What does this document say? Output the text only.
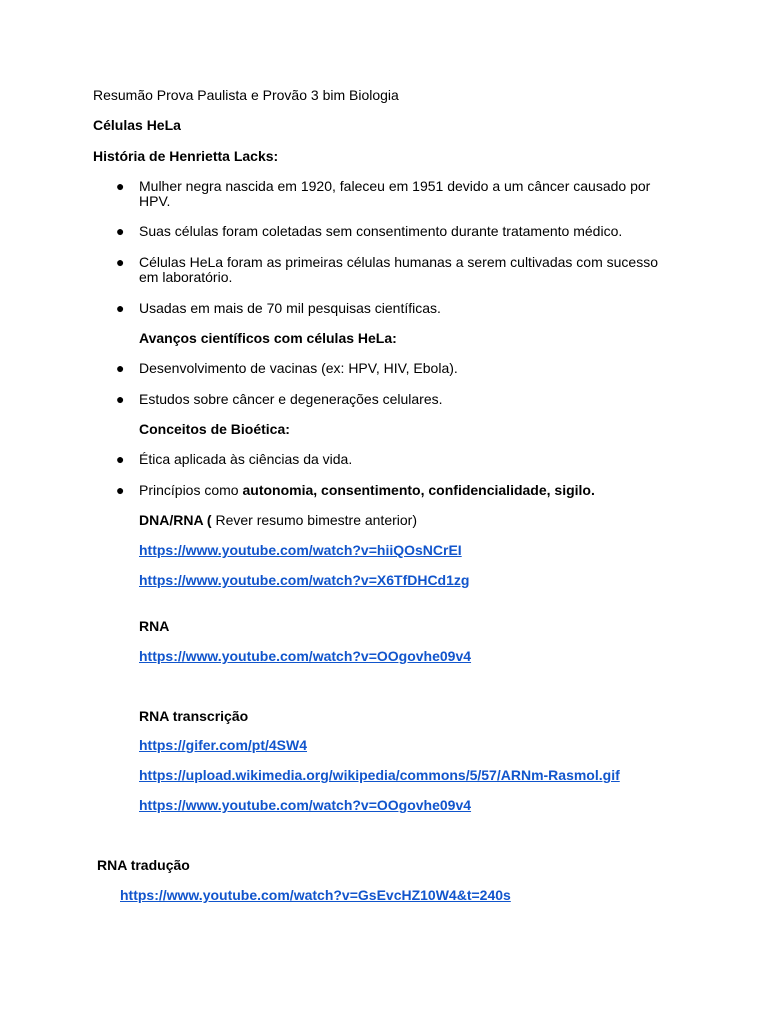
Resumão Prova Paulista e Provão 3 bim Biologia
Células HeLa
História de Henrietta Lacks:
●	Mulher negra nascida em 1920, faleceu em 1951 devido a um câncer causado por HPV.
●	Suas células foram coletadas sem consentimento durante tratamento médico.
●	Células HeLa foram as primeiras células humanas a serem cultivadas com sucesso em laboratório.
●	Usadas em mais de 70 mil pesquisas científicas.
Avanços científicos com células HeLa:
●	Desenvolvimento de vacinas (ex: HPV, HIV, Ebola).
●	Estudos sobre câncer e degenerações celulares.
Conceitos de Bioética:
●	Ética aplicada às ciências da vida.
●	Princípios como autonomia, consentimento, confidencialidade, sigilo.
DNA/RNA ( Rever resumo bimestre anterior)
https://www.youtube.com/watch?v=hiiQOsNCrEI
https://www.youtube.com/watch?v=X6TfDHCd1zg
RNA
https://www.youtube.com/watch?v=OOgovhe09v4
RNA transcrição
https://gifer.com/pt/4SW4
https://upload.wikimedia.org/wikipedia/commons/5/57/ARNm-Rasmol.gif
https://www.youtube.com/watch?v=OOgovhe09v4
RNA tradução
https://www.youtube.com/watch?v=GsEvcHZ10W4&t=240s
